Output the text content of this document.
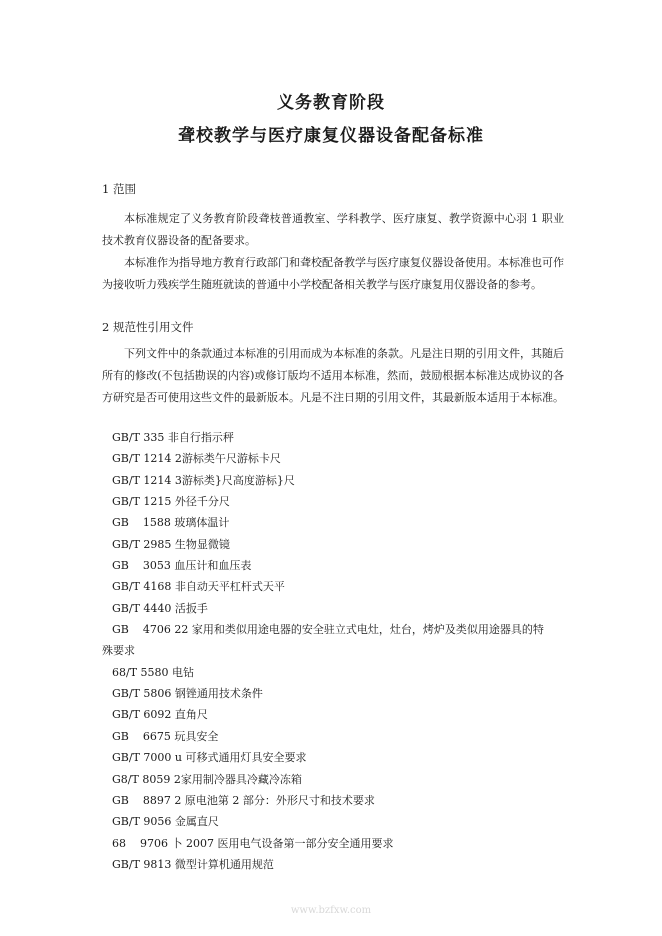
义务教育阶段
聋校教学与医疗康复仪器设备配备标准
1 范围

本标准规定了义务教育阶段聋枝普通教室、学科教学、医疗康复、教学资源中心羽 1 职业技术教育仪器设备的配备要求。

本标准作为指导地方教育行政部门和聋校配备教学与医疗康复仪器设备使用。本标准也可作为接收听力残疾学生随班就读的普通中小学校配备相关教学与医疗康复用仪器设备的参考。

2 规范性引用文件

下列文件中的条款通过本标准的引用而成为本标准的条款。凡是注日期的引用文件，其随后所有的修改(不包括勘误的内容)或修订版均不适用本标准，然而，鼓励根据本标准达成协议的各方研究是否可使用这些文件的最新版本。凡是不注日期的引用文件，其最新版本适用于本标准。

GB/T 335 非自行指示秤
GB/T 1214 2游标类午尺游标卡尺
GB/T 1214 3游标类}尺高度游标}尺
GB/T 1215 外径千分尺
GB    1588 玻璃体温计
GB/T 2985 生物显微镜
GB    3053 血压计和血压表
GB/T 4168 非自动天平杠杆式天平
GB/T 4440 活扳手
GB    4706 22 家用和类似用途电器的安全驻立式电灶，灶台，烤炉及类似用途器具的特
殊要求
68/T 5580 电钻
GB/T 5806 钢锉通用技术条件
GB/T 6092 直角尺
GB    6675 玩具安全
GB/T 7000 u 可移式通用灯具安全要求
G8/T 8059 2家用制冷器具冷藏冷冻箱
GB    8897 2 原电池第 2 部分：外形尺寸和技术要求
GB/T 9056 金属直尺
68    9706 卜 2007 医用电气设备第一部分安全通用要求
GB/T 9813 微型计算机通用规范
www.bzfxw.com
